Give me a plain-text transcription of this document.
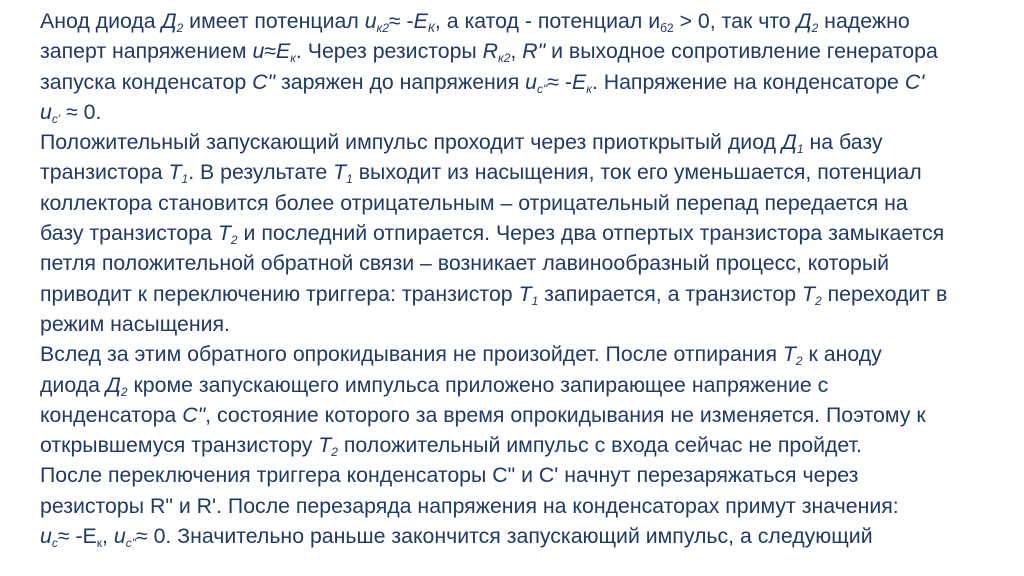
Анод диода $Д_2$ имеет потенциал $u_{к2}\approx -E_К$, а катод - потенциал $и_{б2} > 0$, так что $Д_2$ надежно
заперт напряжением $u\approx E_к$. Через резисторы $R_{к2}$, R" и выходное сопротивление генератора
запуска конденсатор C" заряжен до напряжения $u_{c"}\approx -E_к$. Напряжение на конденсаторе C'
$u_{c'} \approx 0$.

Положительный запускающий импульс проходит через приоткрытый диод $Д_1$ на базу
транзистора $Т_1$. В результате $Т_1$ выходит из насыщения, ток его уменьшается, потенциал
коллектора становится более отрицательным – отрицательный перепад передается на
базу транзистора $Т_2$ и последний отпирается. Через два отпертых транзистора замыкается
петля положительной обратной связи – возникает лавинообразный процесс, который
приводит к переключению триггера: транзистор $Т_1$ запирается, а транзистор $Т_2$ переходит в
режим насыщения.

Вслед за этим обратного опрокидывания не произойдет. После отпирания $Т_2$ к аноду
диода $Д_2$ кроме запускающего импульса приложено запирающее напряжение с
конденсатора C", состояние которого за время опрокидывания не изменяется. Поэтому к
открывшемуся транзистору $Т_2$ положительный импульс с входа сейчас не пройдет.

После переключения триггера конденсаторы С" и С' начнут перезаряжаться через
резисторы R" и R'. После перезаряда напряжения на конденсаторах примут значения:
$u_c\approx -E_к$, $u_{c"}\approx 0$. Значительно раньше закончится запускающий импульс, а следующий
